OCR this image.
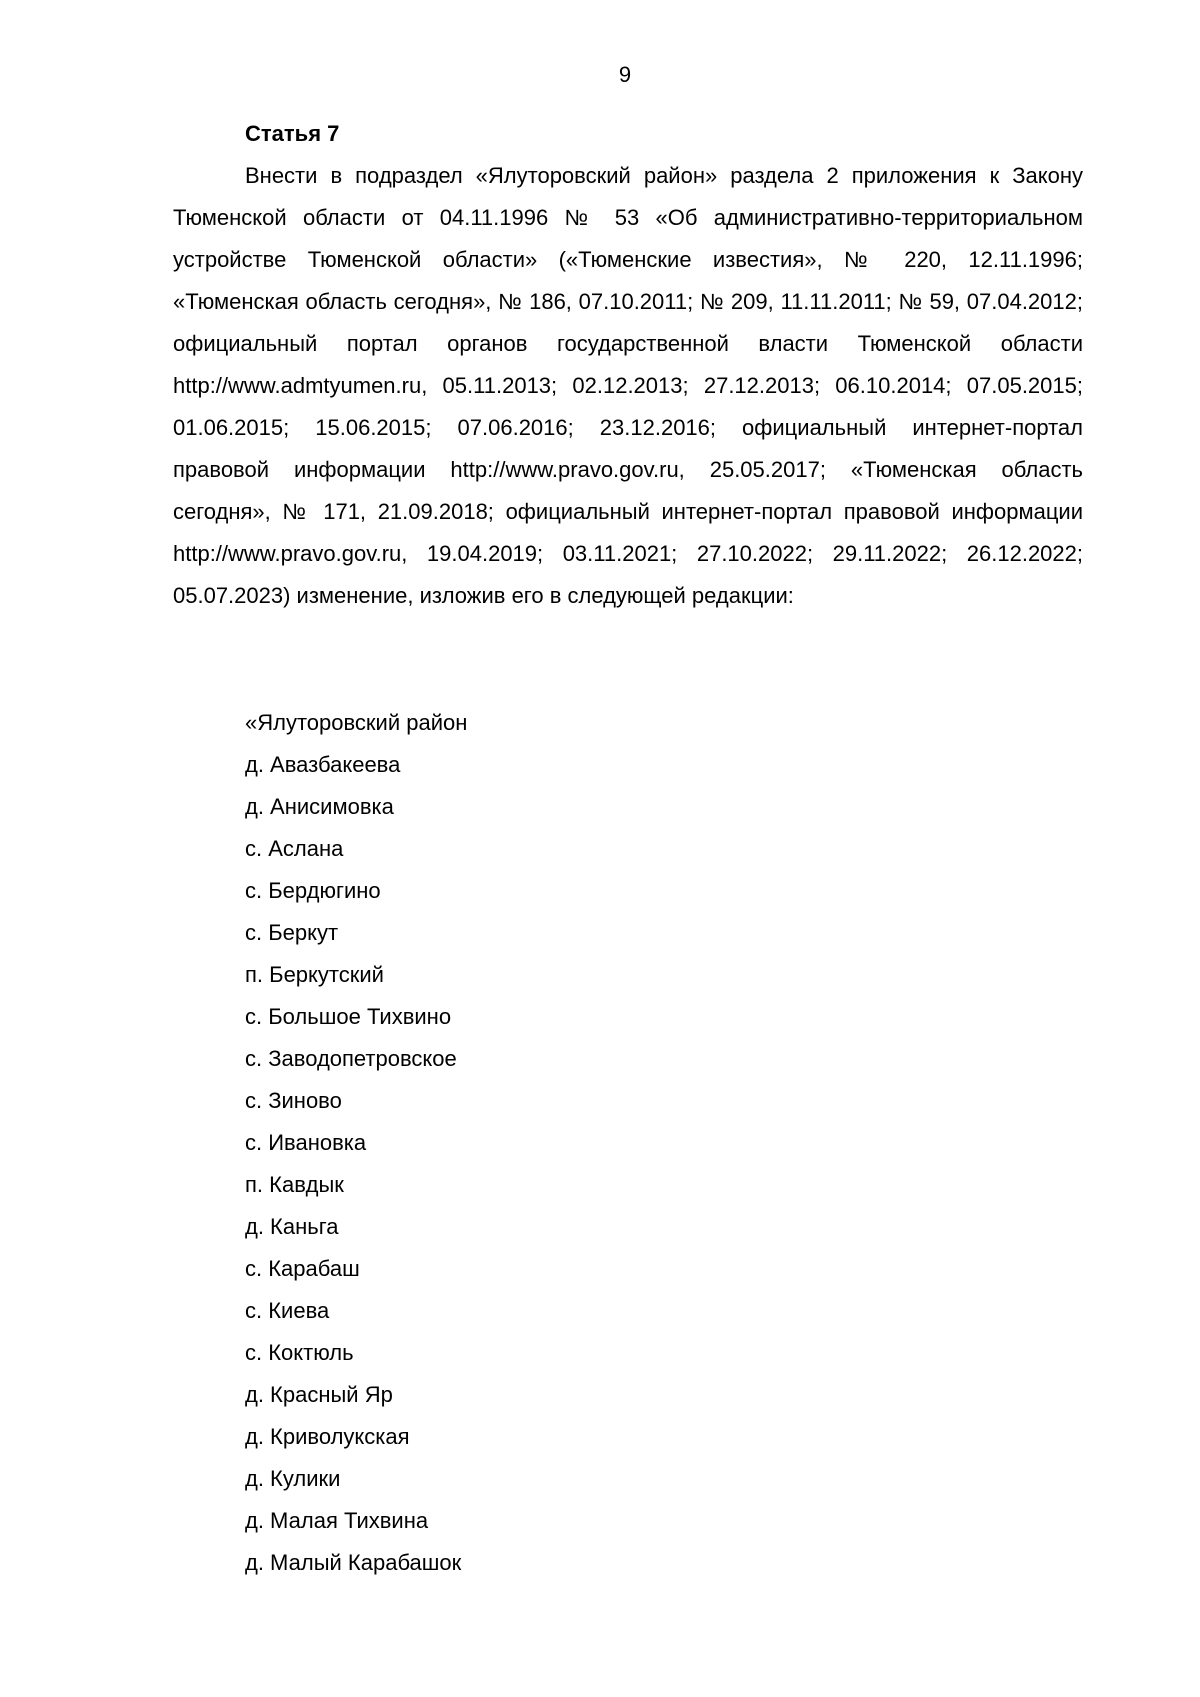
9
Статья 7

Внести в подраздел «Ялуторовский район» раздела 2 приложения к Закону Тюменской области от 04.11.1996 № 53 «Об административно-территориальном устройстве Тюменской области» («Тюменские известия», № 220, 12.11.1996; «Тюменская область сегодня», № 186, 07.10.2011; № 209, 11.11.2011; № 59, 07.04.2012; официальный портал органов государственной власти Тюменской области http://www.admtyumen.ru, 05.11.2013; 02.12.2013; 27.12.2013; 06.10.2014; 07.05.2015; 01.06.2015; 15.06.2015; 07.06.2016; 23.12.2016; официальный интернет-портал правовой информации http://www.pravo.gov.ru, 25.05.2017; «Тюменская область сегодня», № 171, 21.09.2018; официальный интернет-портал правовой информации http://www.pravo.gov.ru, 19.04.2019; 03.11.2021; 27.10.2022; 29.11.2022; 26.12.2022; 05.07.2023) изменение, изложив его в следующей редакции:

«Ялуторовский район

д. Авазбакеева
д. Анисимовка
с. Аслана
с. Бердюгино
с. Беркут
п. Беркутский
с. Большое Тихвино
с. Заводопетровское
с. Зиново
с. Ивановка
п. Кавдык
д. Каньга
с. Карабаш
с. Киева
с. Коктюль
д. Красный Яр
д. Криволукская
д. Кулики
д. Малая Тихвина
д. Малый Карабашок
